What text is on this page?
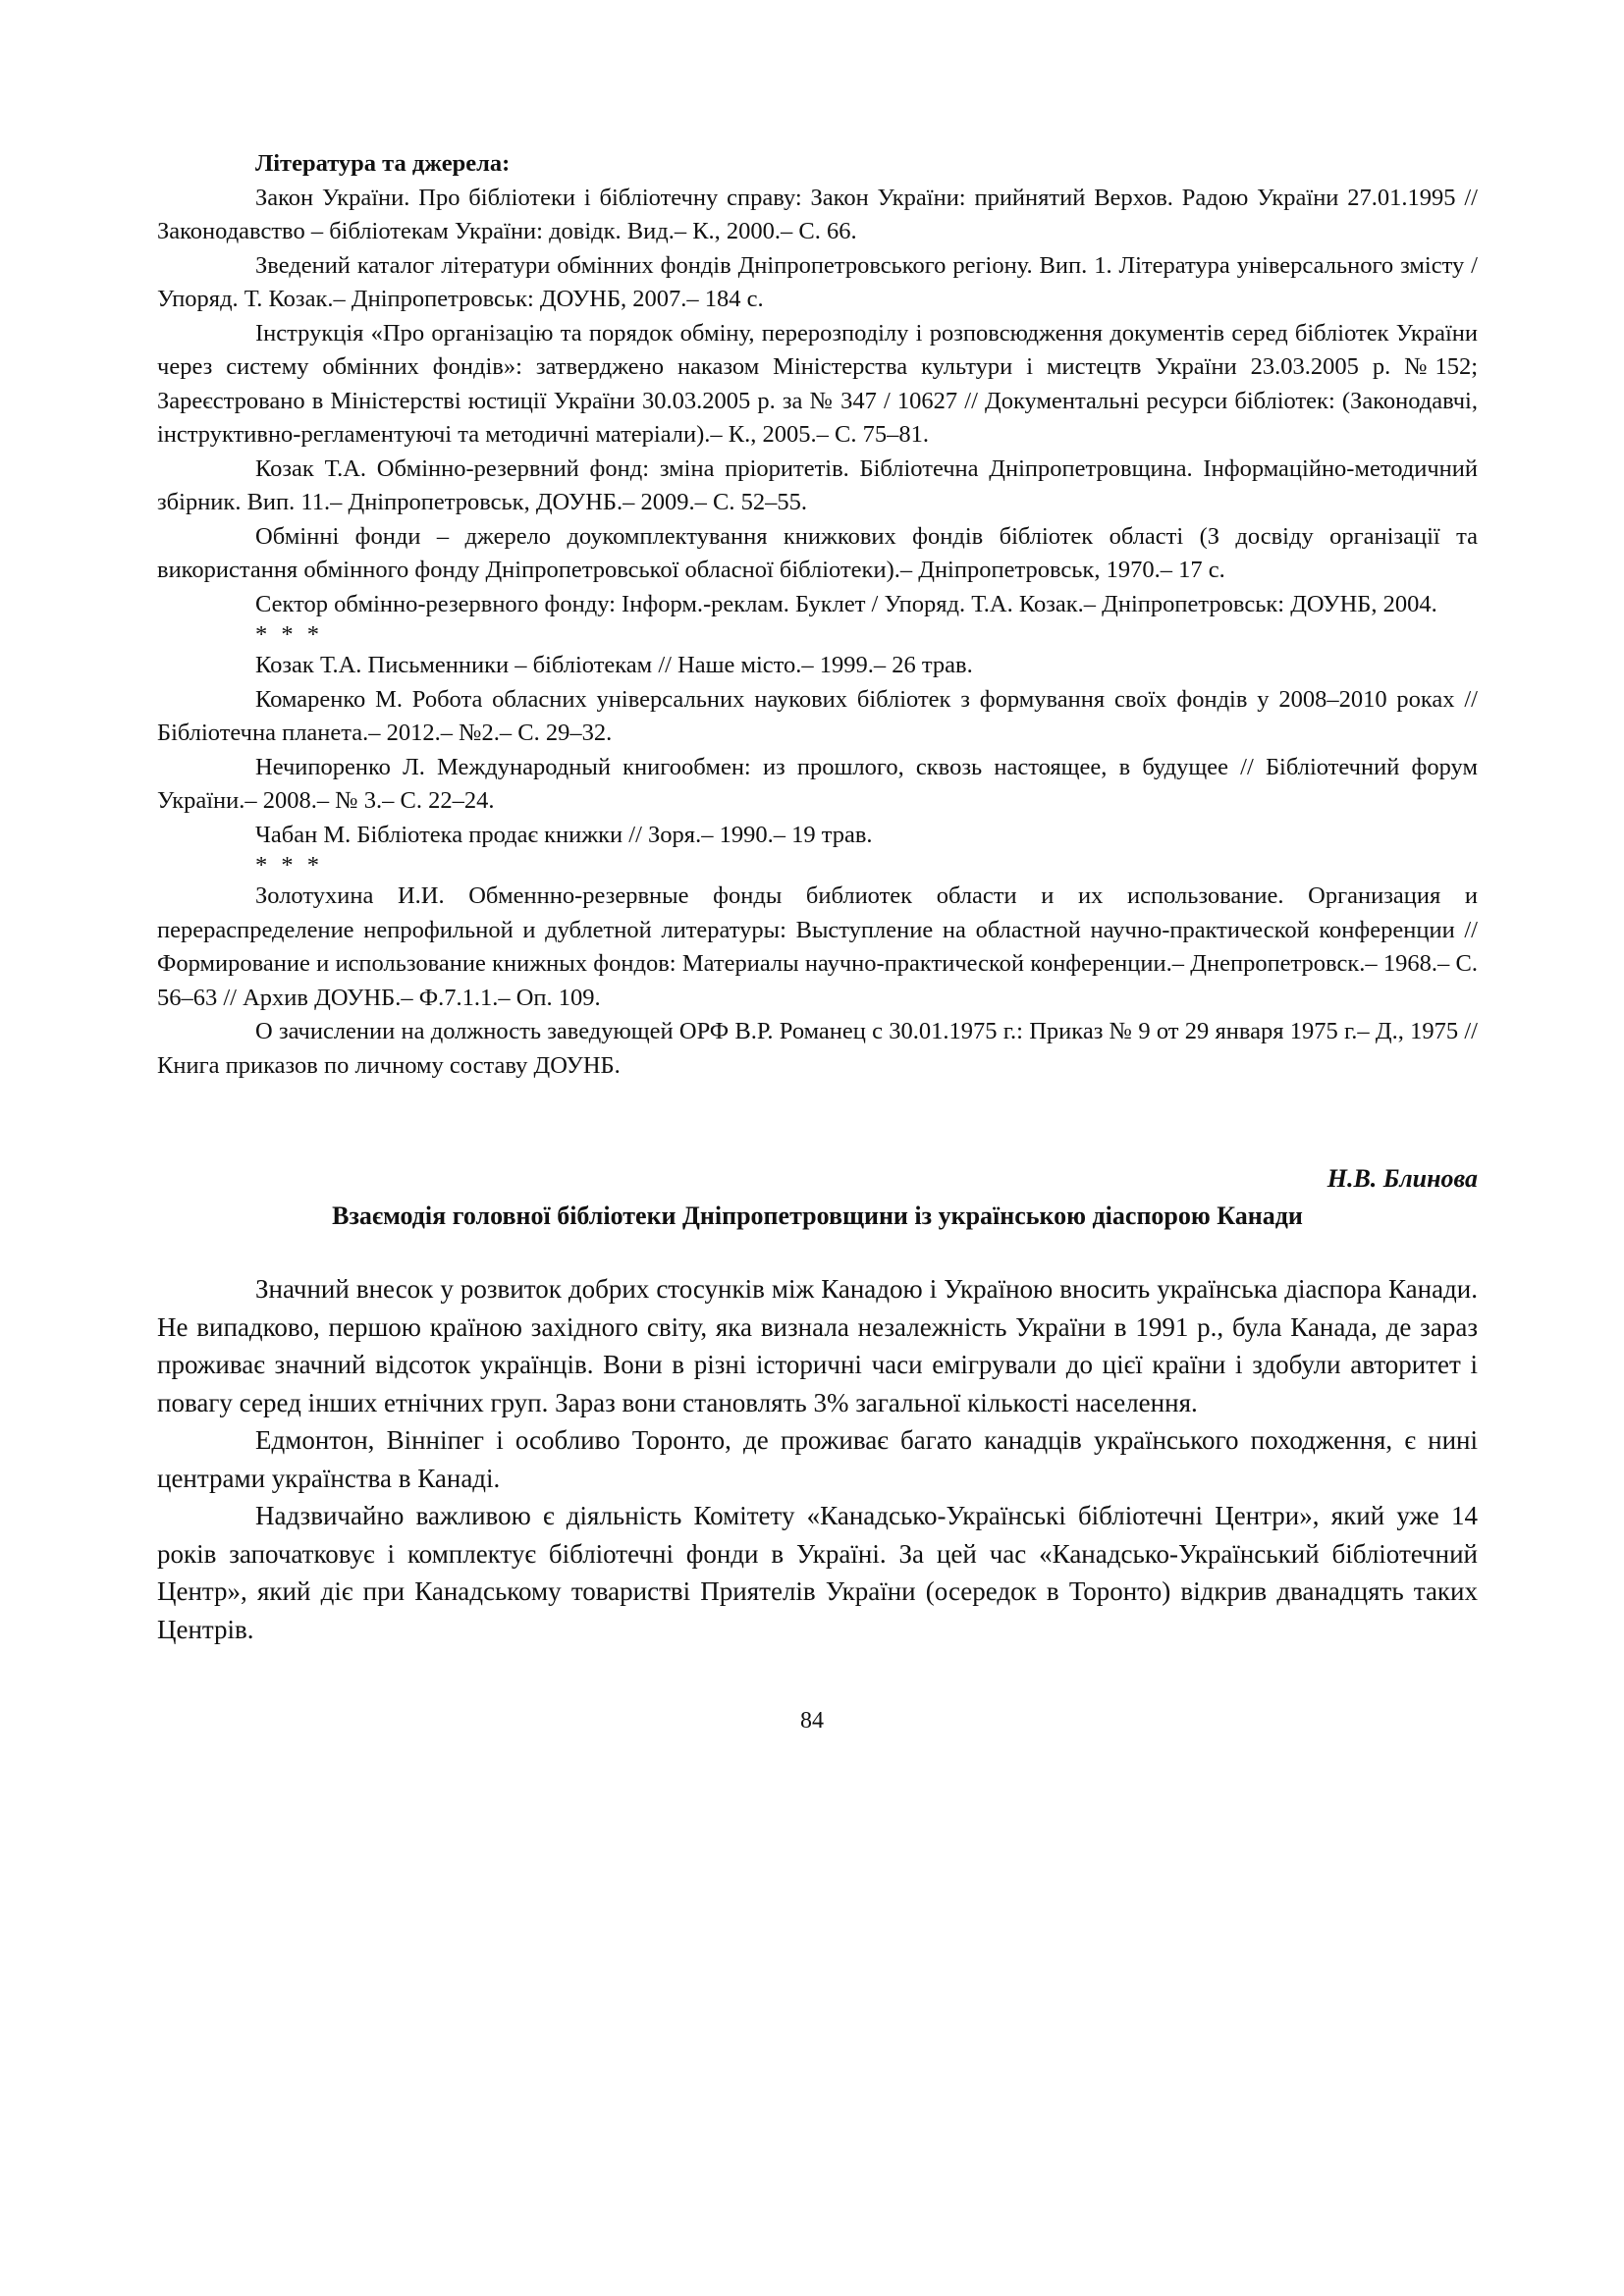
Література та джерела:

Закон України. Про бібліотеки і бібліотечну справу: Закон України: прийнятий Верхов. Радою України 27.01.1995 // Законодавство – бібліотекам України: довідк. Вид.– К., 2000.– С. 66.

Зведений каталог літератури обмінних фондів Дніпропетровського регіону. Вип. 1. Література універсального змісту / Упоряд. Т. Козак.– Дніпропетровськ: ДОУНБ, 2007.– 184 с.

Інструкція «Про організацію та порядок обміну, перерозподілу і розповсюдження документів серед бібліотек України через систему обмінних фондів»: затверджено наказом Міністерства культури і мистецтв України 23.03.2005 р. №152; Зареєстровано в Міністерстві юстиції України 30.03.2005 р. за № 347 / 10627 // Документальні ресурси бібліотек: (Законодавчі, інструктивно-регламентуючі та методичні матеріали).– К., 2005.– С. 75–81.

Козак Т.А. Обмінно-резервний фонд: зміна пріоритетів. Бібліотечна Дніпропетровщина. Інформаційно-методичний збірник. Вип. 11.– Дніпропетровськ, ДОУНБ.– 2009.– С. 52–55.

Обмінні фонди – джерело доукомплектування книжкових фондів бібліотек області (З досвіду організації та використання обмінного фонду Дніпропетровської обласної бібліотеки).– Дніпропетровськ, 1970.– 17 с.

Сектор обмінно-резервного фонду: Інформ.-реклам. Буклет / Упоряд. Т.А. Козак.– Дніпропетровськ: ДОУНБ, 2004.

* * *

Козак Т.А. Письменники – бібліотекам // Наше місто.– 1999.– 26 трав.

Комаренко М. Робота обласних універсальних наукових бібліотек з формування своїх фондів у 2008–2010 роках // Бібліотечна планета.– 2012.– №2.– С. 29–32.

Нечипоренко Л. Международный книгообмен: из прошлого, сквозь настоящее, в будущее // Бібліотечний форум України.– 2008.– № 3.– С. 22–24.

Чабан М. Бібліотека продає книжки // Зоря.– 1990.– 19 трав.

* * *

Золотухина И.И. Обменнно-резервные фонды библиотек области и их использование. Организация и перераспределение непрофильной и дублетной литературы: Выступление на областной научно-практической конференции // Формирование и использование книжных фондов: Материалы научно-практической конференции.– Днепропетровск.– 1968.– С. 56–63 // Архив ДОУНБ.– Ф.7.1.1.– Оп. 109.

О зачислении на должность заведующей ОРФ В.Р. Романец с 30.01.1975 г.: Приказ № 9 от 29 января 1975 г.– Д., 1975 // Книга приказов по личному составу ДОУНБ.

Н.В. Блинова
Взаємодія головної бібліотеки Дніпропетровщини із українською діаспорою Канади

Значний внесок у розвиток добрих стосунків між Канадою і Україною вносить українська діаспора Канади. Не випадково, першою країною західного світу, яка визнала незалежність України в 1991 р., була Канада, де зараз проживає значний відсоток українців. Вони в різні історичні часи емігрували до цієї країни і здобули авторитет і повагу серед інших етнічних груп. Зараз вони становлять 3% загальної кількості населення.

Едмонтон, Вінніпег і особливо Торонто, де проживає багато канадців українського походження, є нині центрами українства в Канаді.

Надзвичайно важливою є діяльність Комітету «Канадсько-Українські бібліотечні Центри», який уже 14 років започатковує і комплектує бібліотечні фонди в Україні. За цей час «Канадсько-Український бібліотечний Центр», який діє при Канадському товаристві Приятелів України (осередок в Торонто) відкрив дванадцять таких Центрів.

84
